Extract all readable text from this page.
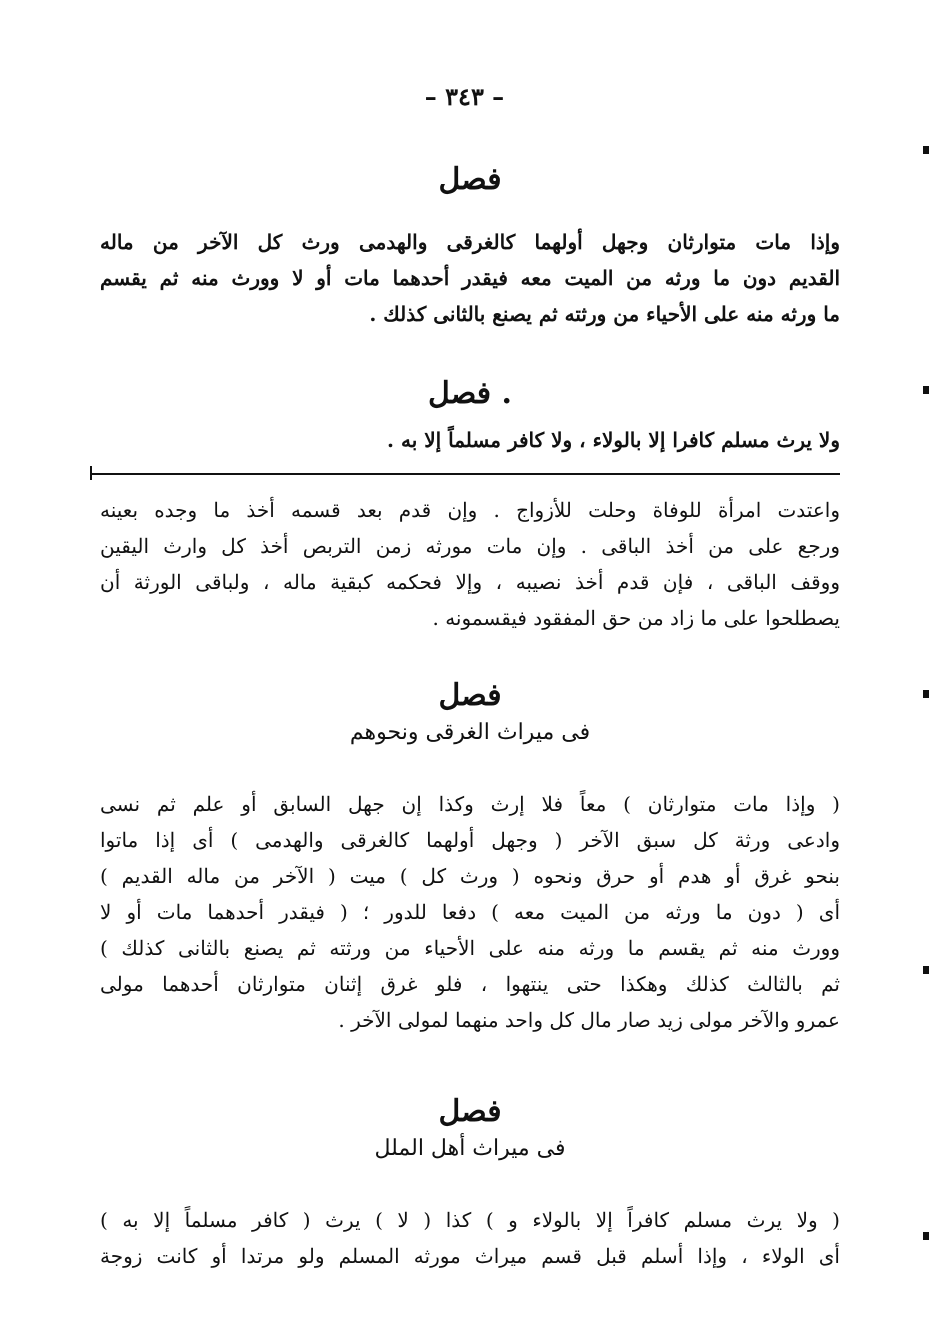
– ٣٤٣ –
فصل
وإذا مات متوارثان وجهل أولهما كالغرقى والهدمى ورث كل الآخر من ماله
القديم دون ما ورثه من الميت معه فيقدر أحدهما مات أو لا وورث منه ثم يقسم
ما ورثه منه على الأحياء من ورثته ثم يصنع بالثانى كذلك .
. فصل
ولا يرث مسلم كافرا إلا بالولاء ، ولا كافر مسلماً إلا به .
واعتدت امرأة للوفاة وحلت للأزواج . وإن قدم بعد قسمه أخذ ما وجده بعينه
ورجع على من أخذ الباقى . وإن مات مورثه زمن التربص أخذ كل وارث اليقين
ووقف الباقى ، فإن قدم أخذ نصيبه ، وإلا فحكمه كبقية ماله ، ولباقى الورثة أن
يصطلحوا على ما زاد من حق المفقود فيقسمونه .
فصل
فى ميراث الغرقى ونحوهم
( وإذا مات متوارثان ) معاً فلا إرث وكذا إن جهل السابق أو علم ثم نسى
وادعى ورثة كل سبق الآخر ( وجهل أولهما كالغرقى والهدمى ) أى إذا ماتوا
بنحو غرق أو هدم أو حرق ونحوه ( ورث كل ) ميت ( الآخر من ماله القديم )
أى ( دون ما ورثه من الميت معه ) دفعا للدور ؛ ( فيقدر أحدهما مات أو لا
وورث منه ثم يقسم ما ورثه منه على الأحياء من ورثته ثم يصنع بالثانى كذلك )
ثم بالثالث كذلك وهكذا حتى ينتهوا ، فلو غرق إثنان متوارثان أحدهما مولى
عمرو والآخر مولى زيد صار مال كل واحد منهما لمولى الآخر .
فصل
فى ميراث أهل الملل
( ولا يرث مسلم كافراً إلا بالولاء و ) كذا ( لا ) يرث ( كافر مسلماً إلا به )
أى الولاء ، وإذا أسلم قبل قسم ميراث مورثه المسلم ولو مرتدا أو كانت زوجة
